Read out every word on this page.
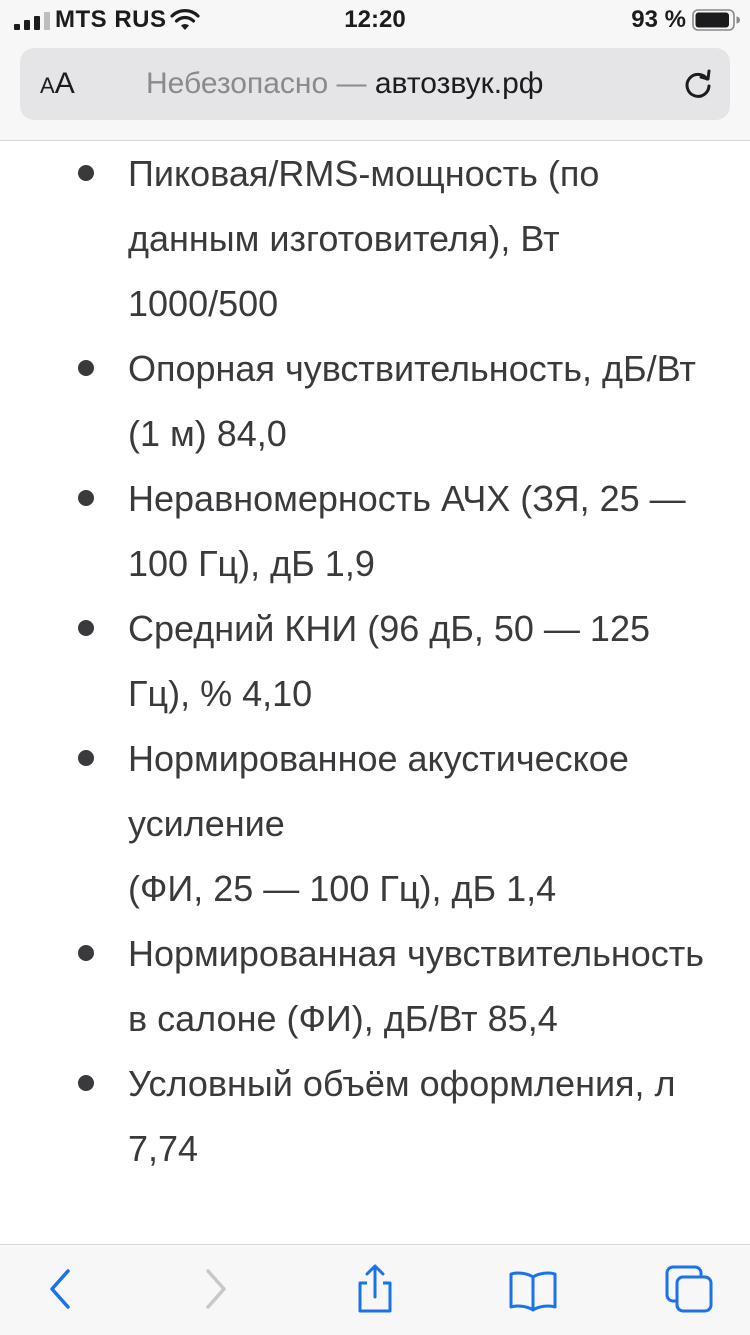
MTS RUS	12:20	93 %
AA Небезопасно — автозвук.рф
Пиковая/RMS-мощность (по данным изготовителя), Вт 1000/500
Опорная чувствительность, дБ/Вт (1 м) 84,0
Неравномерность АЧХ (ЗЯ, 25 — 100 Гц), дБ 1,9
Средний КНИ (96 дБ, 50 — 125 Гц), % 4,10
Нормированное акустическое усиление
(ФИ, 25 — 100 Гц), дБ 1,4
Нормированная чувствительность в салоне (ФИ), дБ/Вт 85,4
Условный объём оформления, л 7,74
